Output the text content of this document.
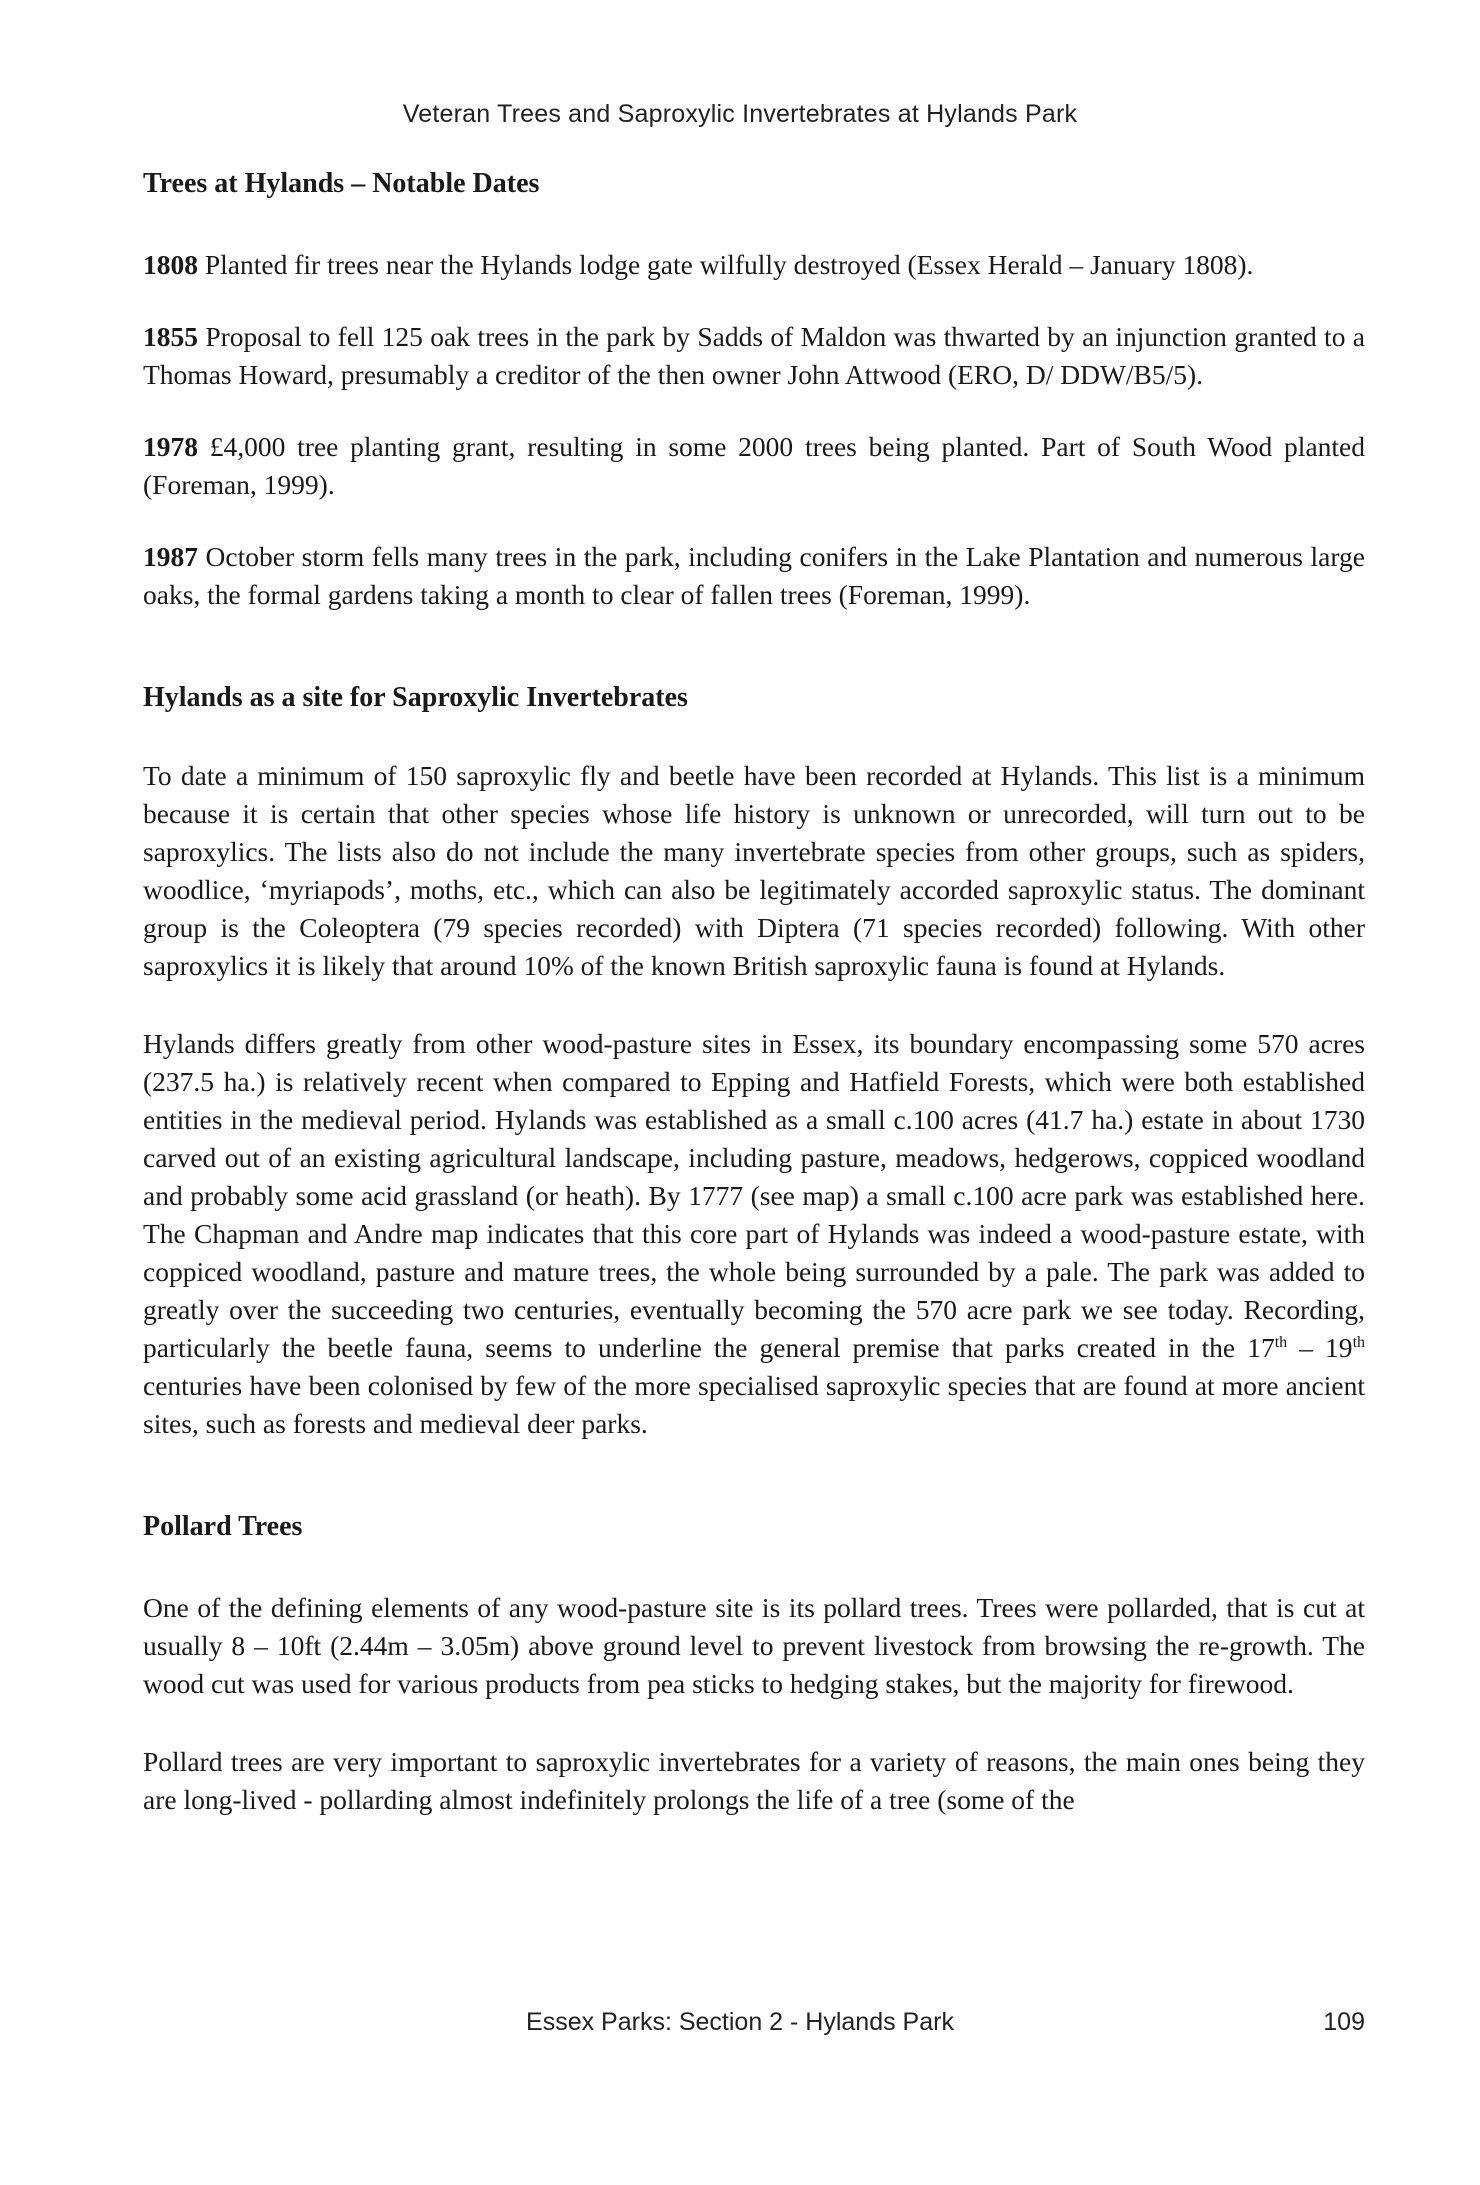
Veteran Trees and Saproxylic Invertebrates at Hylands Park
Trees at Hylands – Notable Dates

1808 Planted fir trees near the Hylands lodge gate wilfully destroyed (Essex Herald – January 1808).

1855 Proposal to fell 125 oak trees in the park by Sadds of Maldon was thwarted by an injunction granted to a Thomas Howard, presumably a creditor of the then owner John Attwood (ERO, D/ DDW/B5/5).

1978 £4,000 tree planting grant, resulting in some 2000 trees being planted. Part of South Wood planted (Foreman, 1999).

1987 October storm fells many trees in the park, including conifers in the Lake Plantation and numerous large oaks, the formal gardens taking a month to clear of fallen trees (Foreman, 1999).

Hylands as a site for Saproxylic Invertebrates

To date a minimum of 150 saproxylic fly and beetle have been recorded at Hylands. This list is a minimum because it is certain that other species whose life history is unknown or unrecorded, will turn out to be saproxylics. The lists also do not include the many invertebrate species from other groups, such as spiders, woodlice, ‘myriapods’, moths, etc., which can also be legitimately accorded saproxylic status. The dominant group is the Coleoptera (79 species recorded) with Diptera (71 species recorded) following. With other saproxylics it is likely that around 10% of the known British saproxylic fauna is found at Hylands.

Hylands differs greatly from other wood-pasture sites in Essex, its boundary encompassing some 570 acres (237.5 ha.) is relatively recent when compared to Epping and Hatfield Forests, which were both established entities in the medieval period. Hylands was established as a small c.100 acres (41.7 ha.) estate in about 1730 carved out of an existing agricultural landscape, including pasture, meadows, hedgerows, coppiced woodland and probably some acid grassland (or heath). By 1777 (see map) a small c.100 acre park was established here. The Chapman and Andre map indicates that this core part of Hylands was indeed a wood-pasture estate, with coppiced woodland, pasture and mature trees, the whole being surrounded by a pale. The park was added to greatly over the succeeding two centuries, eventually becoming the 570 acre park we see today. Recording, particularly the beetle fauna, seems to underline the general premise that parks created in the 17th – 19th centuries have been colonised by few of the more specialised saproxylic species that are found at more ancient sites, such as forests and medieval deer parks.

Pollard Trees

One of the defining elements of any wood-pasture site is its pollard trees. Trees were pollarded, that is cut at usually 8 – 10ft (2.44m – 3.05m) above ground level to prevent livestock from browsing the re-growth. The wood cut was used for various products from pea sticks to hedging stakes, but the majority for firewood.

Pollard trees are very important to saproxylic invertebrates for a variety of reasons, the main ones being they are long-lived - pollarding almost indefinitely prolongs the life of a tree (some of the

Essex Parks: Section 2 - Hylands Park	109
